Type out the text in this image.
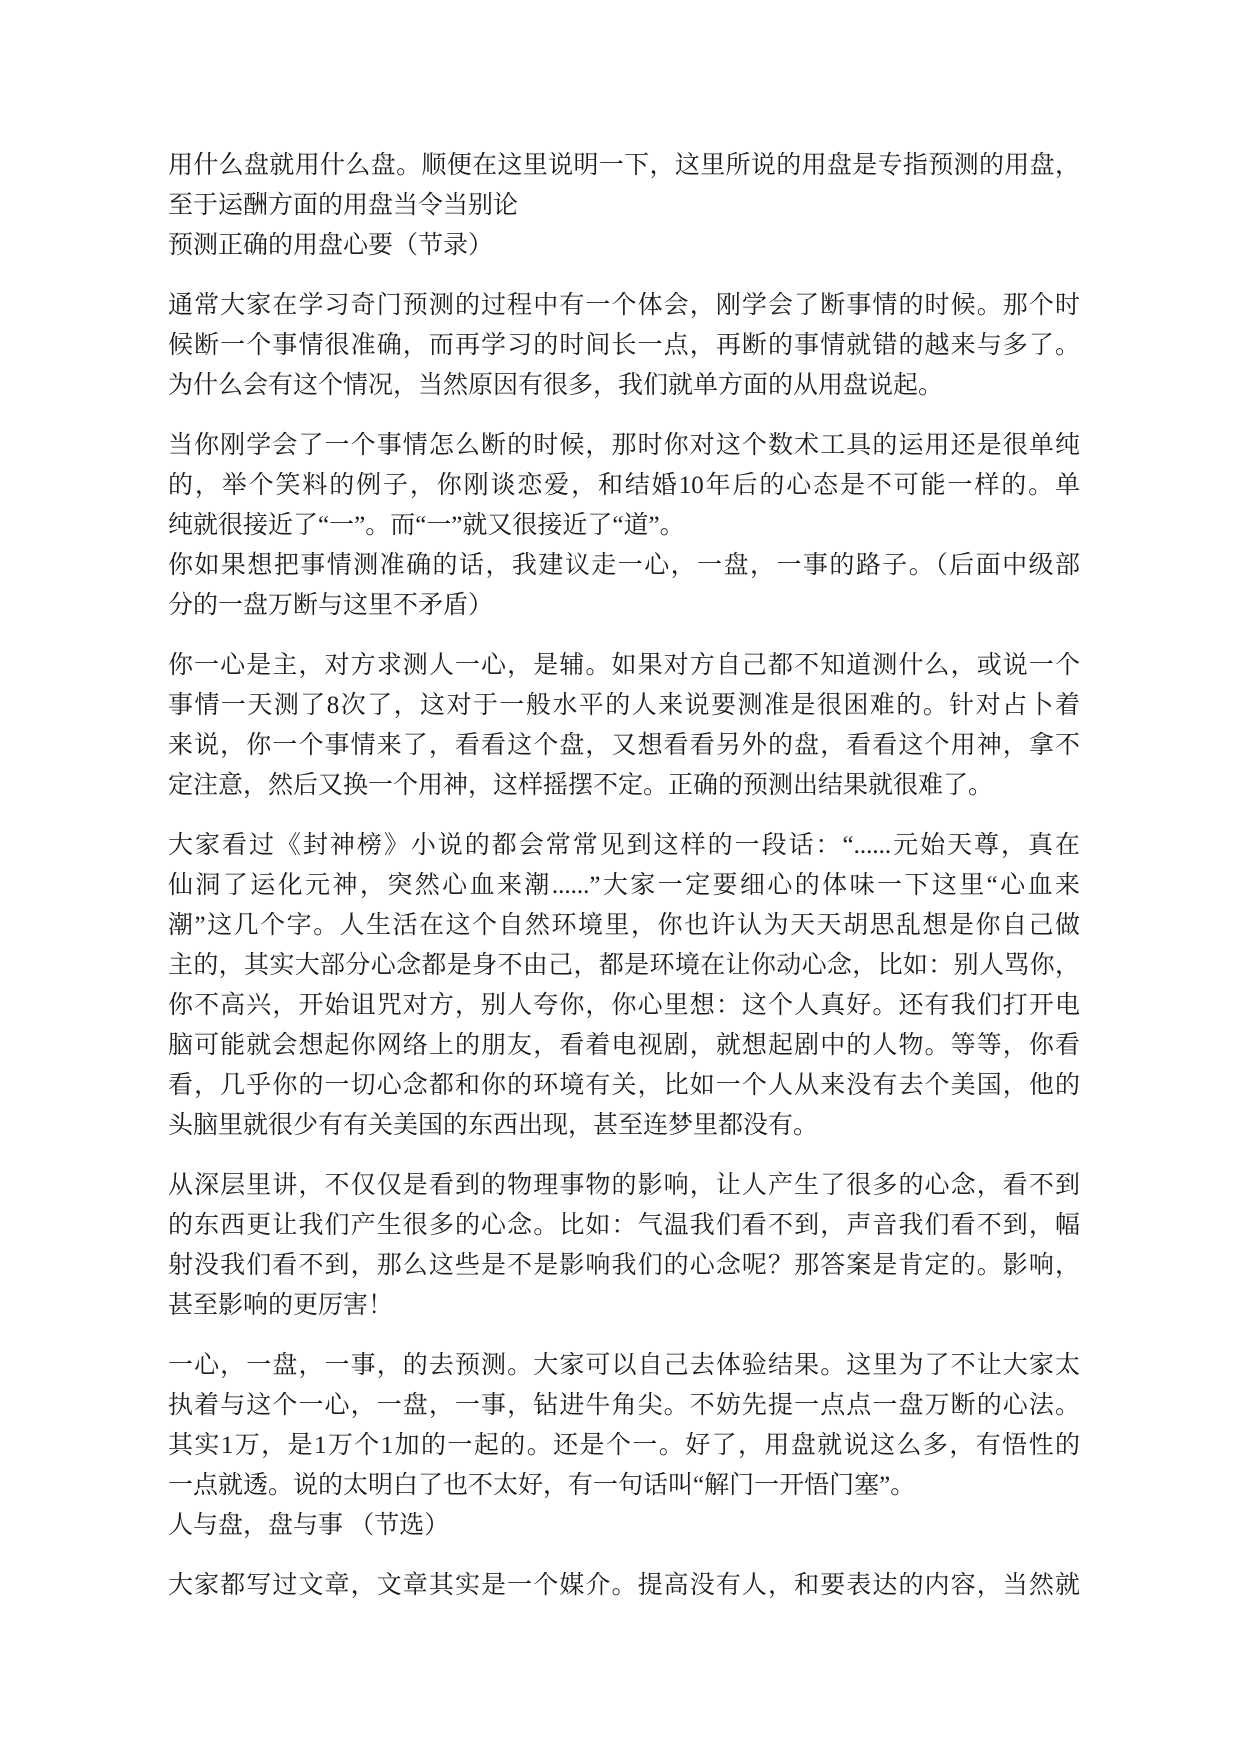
用什么盘就用什么盘。顺便在这里说明一下，这里所说的用盘是专指预测的用盘，
至于运酬方面的用盘当令当别论
预测正确的用盘心要（节录）
通常大家在学习奇门预测的过程中有一个体会，刚学会了断事情的时候。那个时
候断一个事情很准确，而再学习的时间长一点，再断的事情就错的越来与多了。
为什么会有这个情况，当然原因有很多，我们就单方面的从用盘说起。
当你刚学会了一个事情怎么断的时候，那时你对这个数术工具的运用还是很单纯
的，举个笑料的例子，你刚谈恋爱，和结婚10年后的心态是不可能一样的。单
纯就很接近了“一”。而“一”就又很接近了“道”。
你如果想把事情测准确的话，我建议走一心，一盘，一事的路子。（后面中级部
分的一盘万断与这里不矛盾）
你一心是主，对方求测人一心，是辅。如果对方自己都不知道测什么，或说一个
事情一天测了8次了，这对于一般水平的人来说要测准是很困难的。针对占卜着
来说，你一个事情来了，看看这个盘，又想看看另外的盘，看看这个用神，拿不
定注意，然后又换一个用神，这样摇摆不定。正确的预测出结果就很难了。
大家看过《封神榜》小说的都会常常见到这样的一段话：“......元始天尊，真在
仙洞了运化元神，突然心血来潮......”大家一定要细心的体味一下这里“心血来
潮”这几个字。人生活在这个自然环境里，你也许认为天天胡思乱想是你自己做
主的，其实大部分心念都是身不由己，都是环境在让你动心念，比如：别人骂你，
你不高兴，开始诅咒对方，别人夸你，你心里想：这个人真好。还有我们打开电
脑可能就会想起你网络上的朋友，看着电视剧，就想起剧中的人物。等等，你看
看，几乎你的一切心念都和你的环境有关，比如一个人从来没有去个美国，他的
头脑里就很少有有关美国的东西出现，甚至连梦里都没有。
从深层里讲，不仅仅是看到的物理事物的影响，让人产生了很多的心念，看不到
的东西更让我们产生很多的心念。比如：气温我们看不到，声音我们看不到，幅
射没我们看不到，那么这些是不是影响我们的心念呢？那答案是肯定的。影响，
甚至影响的更厉害！
一心，一盘，一事，的去预测。大家可以自己去体验结果。这里为了不让大家太
执着与这个一心，一盘，一事，钻进牛角尖。不妨先提一点点一盘万断的心法。
其实1万，是1万个1加的一起的。还是个一。好了，用盘就说这么多，有悟性的
一点就透。说的太明白了也不太好，有一句话叫“解门一开悟门塞”。
人与盘，盘与事 （节选）
大家都写过文章，文章其实是一个媒介。提高没有人，和要表达的内容，当然就
